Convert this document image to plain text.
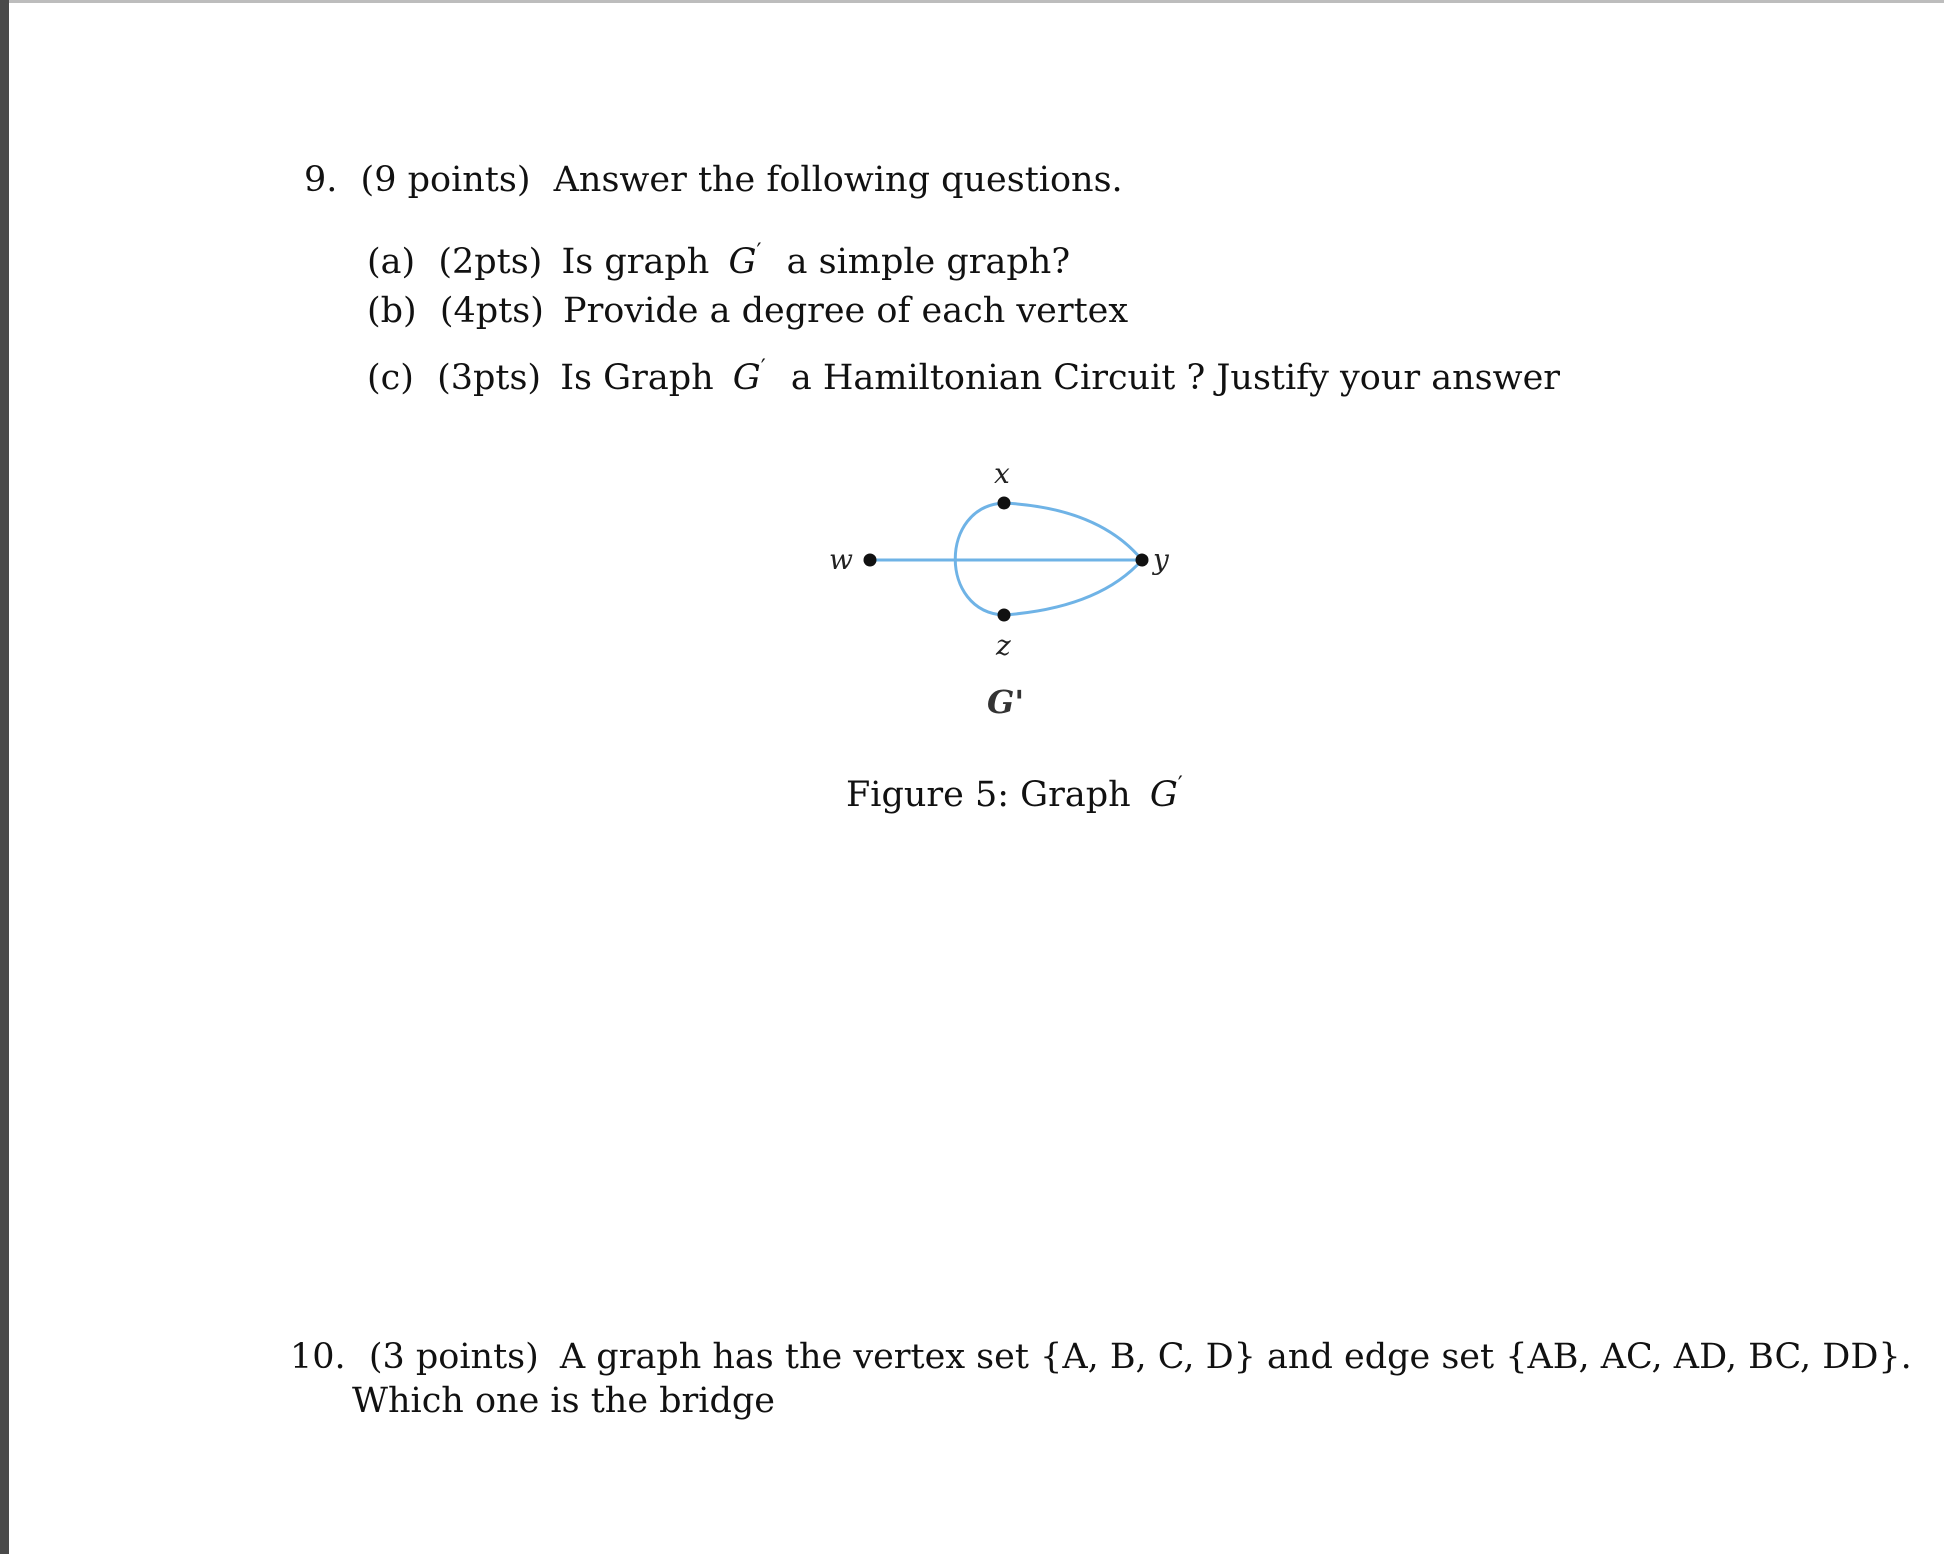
9. (9 points) Answer the following questions.
(a) (2pts) Is graph G′ a simple graph?
(b) (4pts) Provide a degree of each vertex
(c) (3pts) Is Graph G′ a Hamiltonian Circuit ? Justify your answer
w
x
y
z
G'
Figure 5: Graph G′
10. (3 points) A graph has the vertex set {A, B, C, D} and edge set {AB, AC, AD, BC, DD}.
Which one is the bridge
